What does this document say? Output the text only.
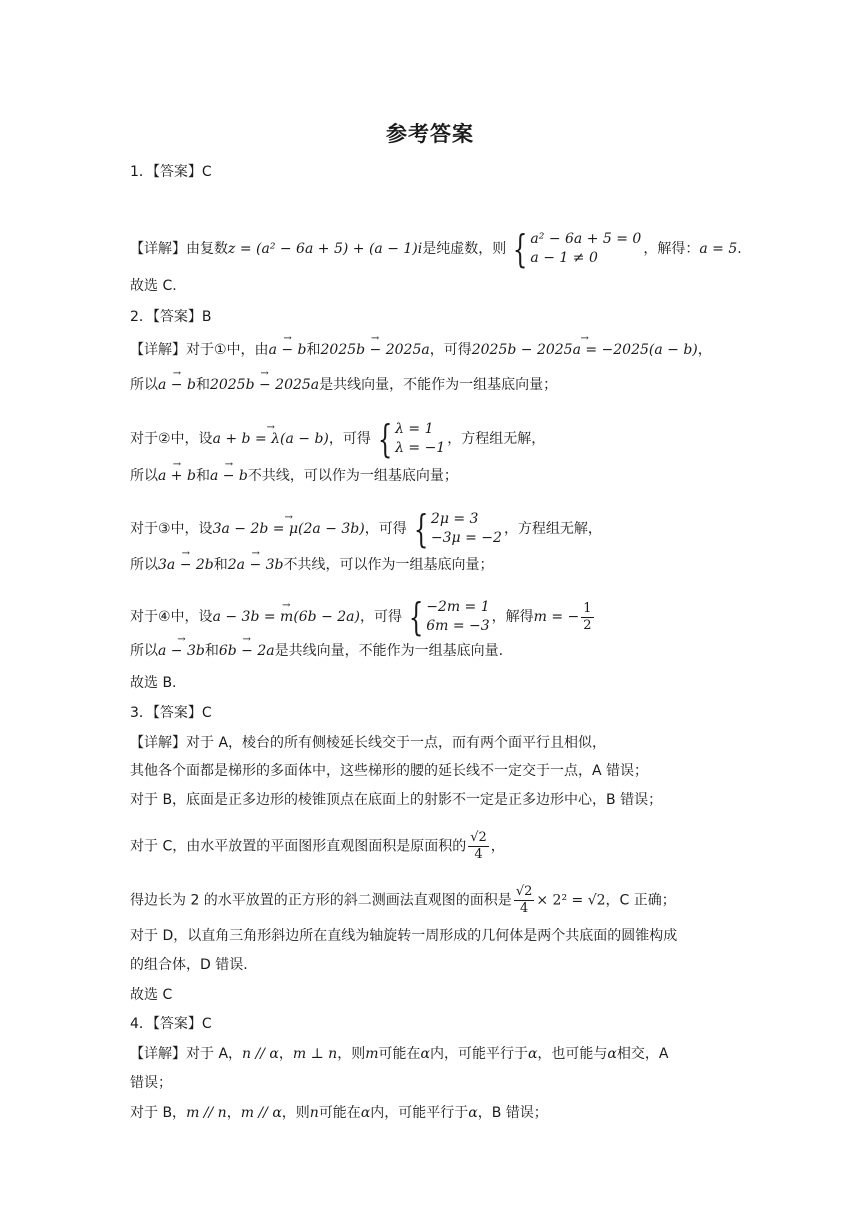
参考答案
1．【答案】C
【详解】由复数z = (a² − 6a + 5) + (a − 1)i是纯虚数，则 { a² − 6a + 5 = 0
a − 1 ≠ 0
，解得：a = 5.
故选 C.
2．【答案】B
【详解】对于①中，由→ a − b和→ 2025b − 2025a，可得→ 2025b − 2025a = −2025(a − b)，
所以→ a − b和→ 2025b − 2025a是共线向量，不能作为一组基底向量；
对于②中，设→ a + b = λ(a − b)，可得 { λ = 1
λ = −1
，方程组无解，
所以→ a + b和→ a − b不共线，可以作为一组基底向量；
对于③中，设→ 3a − 2b = μ(2a − 3b)，可得 { 2μ = 3
−3μ = −2
，方程组无解，
所以→ 3a − 2b和→ 2a − 3b不共线，可以作为一组基底向量；
对于④中，设→ a − 3b = m(6b − 2a)，可得 { −2m = 1
6m = −3
，解得m = − $\frac{1}{2}$
所以→ a − 3b和→ 6b − 2a是共线向量，不能作为一组基底向量.
故选 B.
3．【答案】C
【详解】对于 A，棱台的所有侧棱延长线交于一点，而有两个面平行且相似，
其他各个面都是梯形的多面体中，这些梯形的腰的延长线不一定交于一点，A 错误；
对于 B，底面是正多边形的棱锥顶点在底面上的射影不一定是正多边形中心，B 错误；
对于 C，由水平放置的平面图形直观图面积是原面积的 $\frac{√2}{4}$ ，
得边长为 2 的水平放置的正方形的斜二测画法直观图的面积是 $\frac{√2}{4} \times 2^2 = √2$，C 正确；
对于 D，以直角三角形斜边所在直线为轴旋转一周形成的几何体是两个共底面的圆锥构成
的组合体，D 错误.
故选 C
4．【答案】C
【详解】对于 A，n // α，m ⊥ n，则m可能在α内，可能平行于α，也可能与α相交，A
错误；
对于 B，m // n，m // α，则n可能在α内，可能平行于α，B 错误；
